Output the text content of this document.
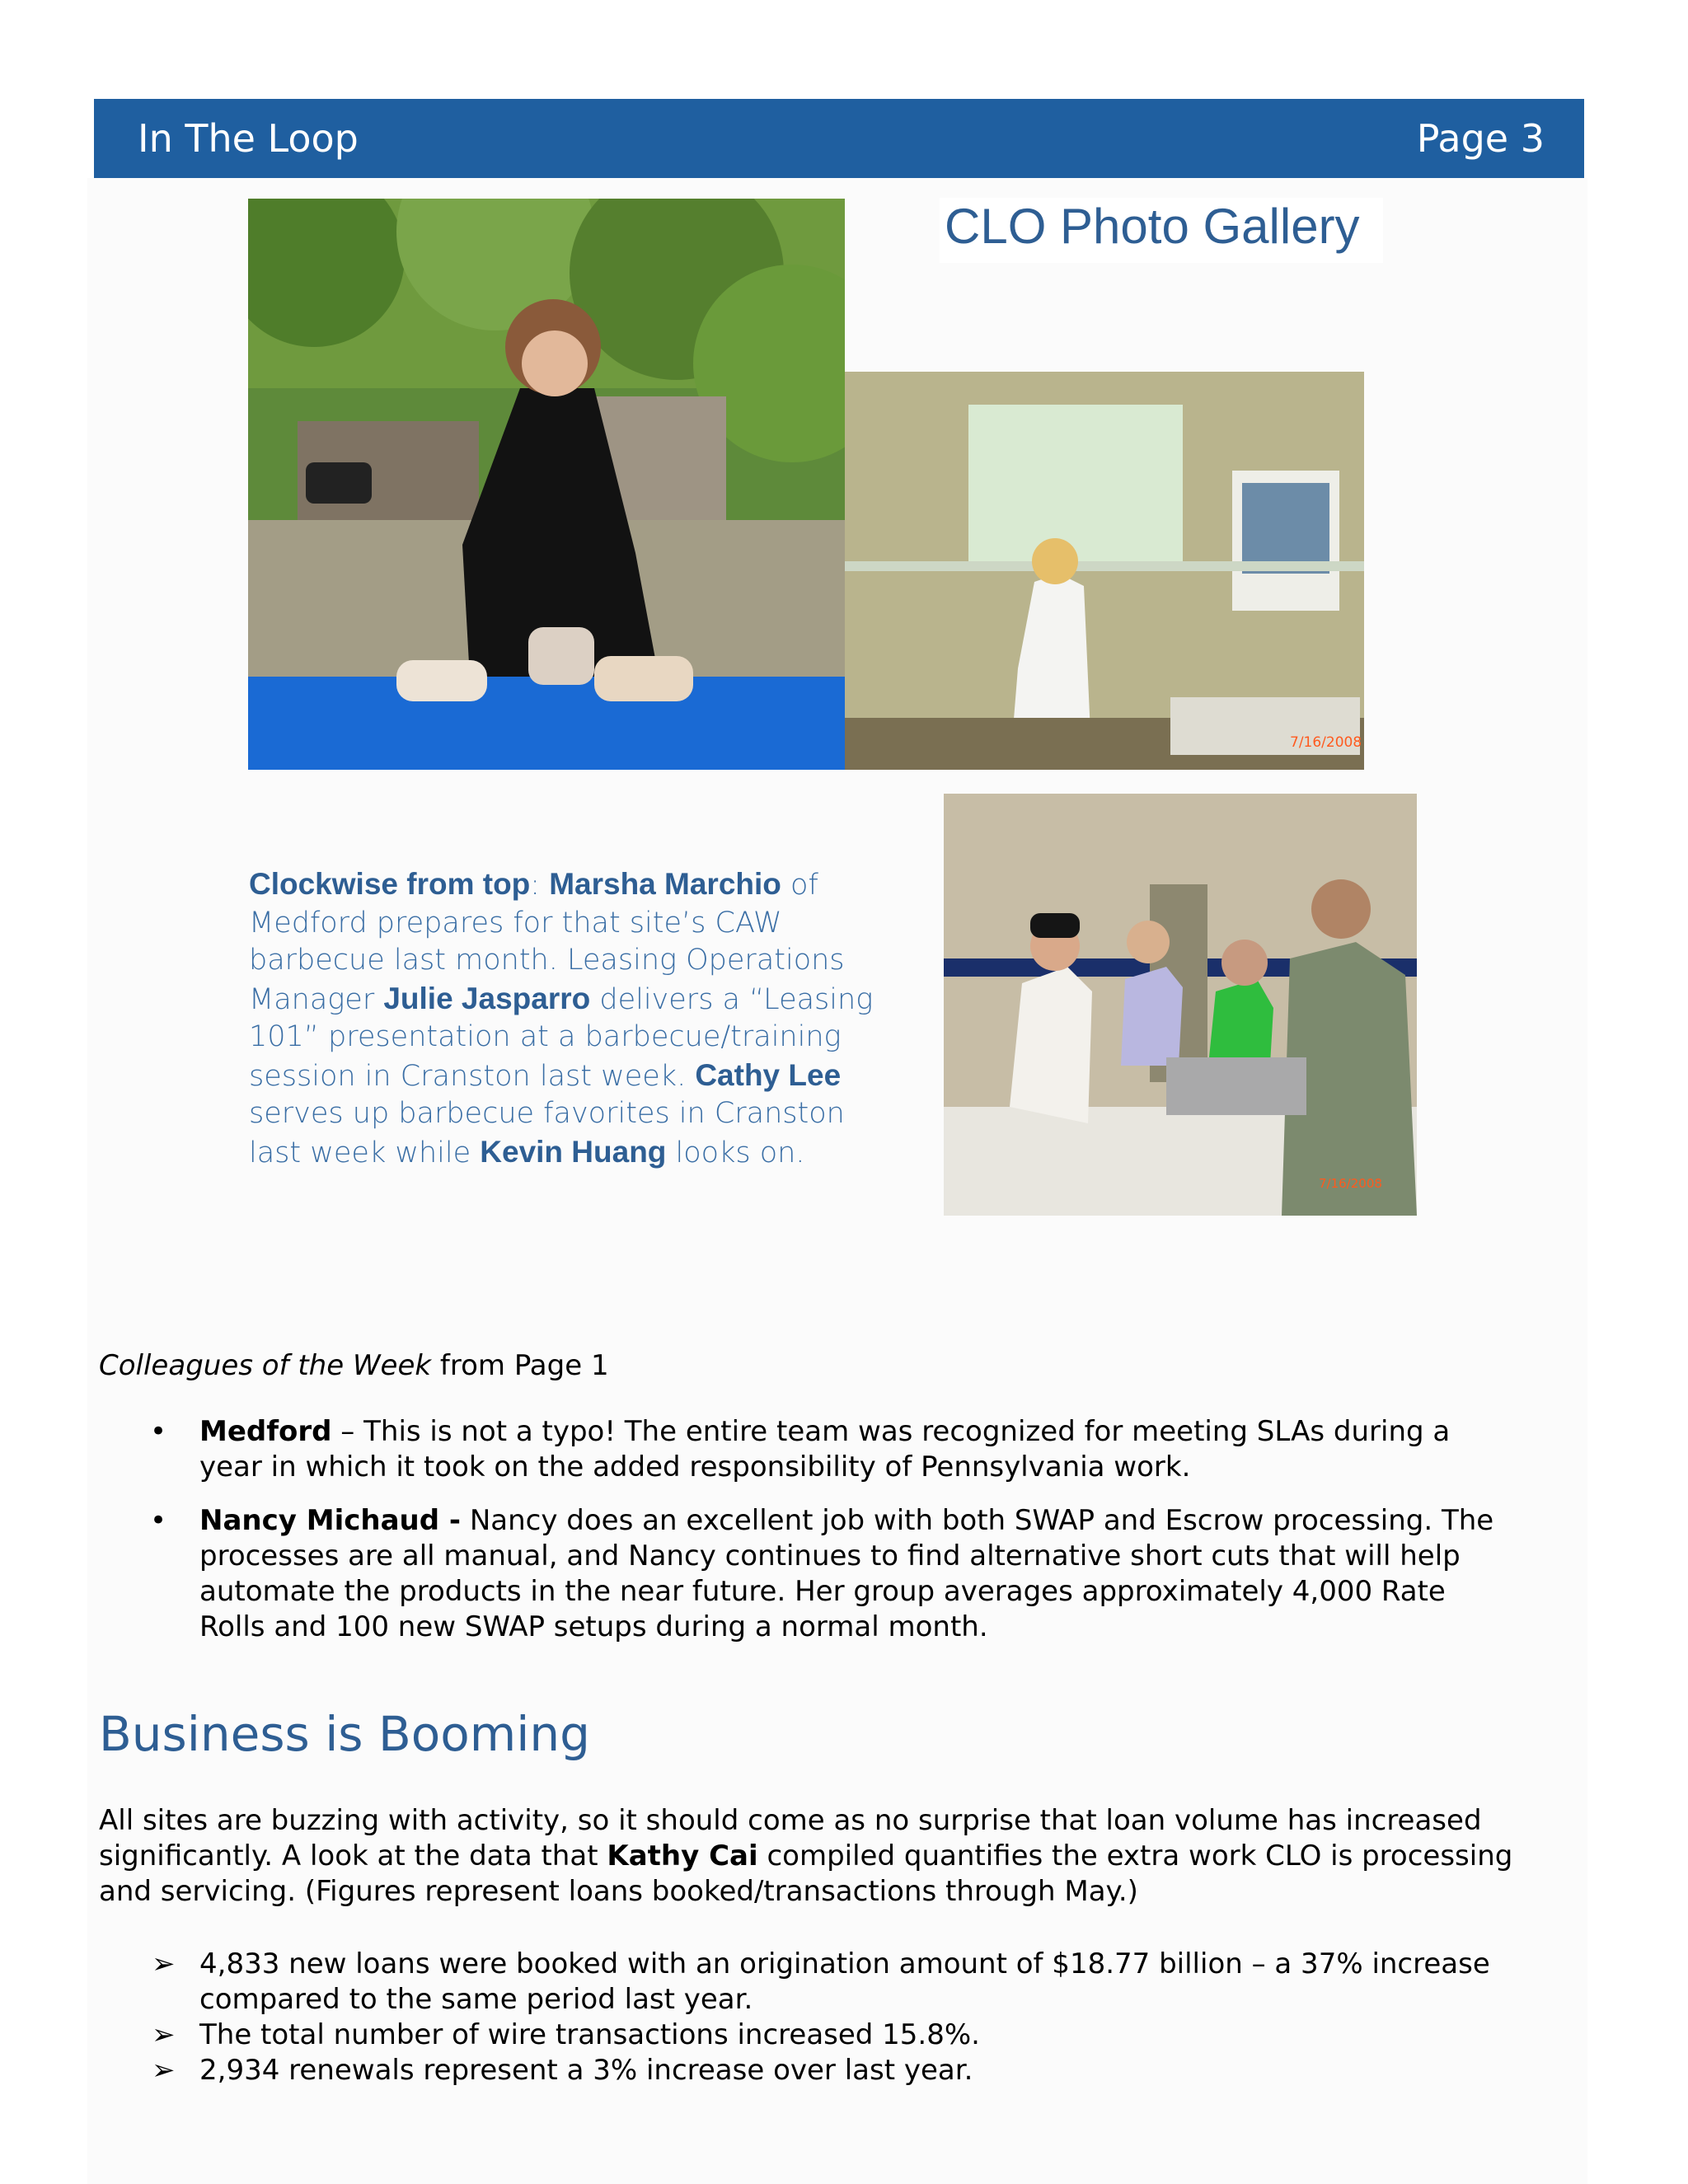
In The Loop	Page 3
7/16/2008
CLO Photo Gallery
Clockwise from top: Marsha Marchio of Medford prepares for that site’s CAW barbecue last month. Leasing Operations Manager Julie Jasparro delivers a “Leasing 101” presentation at a barbecue/training session in Cranston last week. Cathy Lee serves up barbecue favorites in Cranston last week while Kevin Huang looks on.
7/16/2008
Colleagues of the Week from Page 1
• Medford – This is not a typo! The entire team was recognized for meeting SLAs during a year in which it took on the added responsibility of Pennsylvania work.
• Nancy Michaud - Nancy does an excellent job with both SWAP and Escrow processing. The processes are all manual, and Nancy continues to find alternative short cuts that will help automate the products in the near future. Her group averages approximately 4,000 Rate Rolls and 100 new SWAP setups during a normal month.
Business is Booming

All sites are buzzing with activity, so it should come as no surprise that loan volume has increased significantly. A look at the data that Kathy Cai compiled quantifies the extra work CLO is processing and servicing. (Figures represent loans booked/transactions through May.)

➢ 4,833 new loans were booked with an origination amount of $18.77 billion – a 37% increase compared to the same period last year.
➢ The total number of wire transactions increased 15.8%.
➢ 2,934 renewals represent a 3% increase over last year.
